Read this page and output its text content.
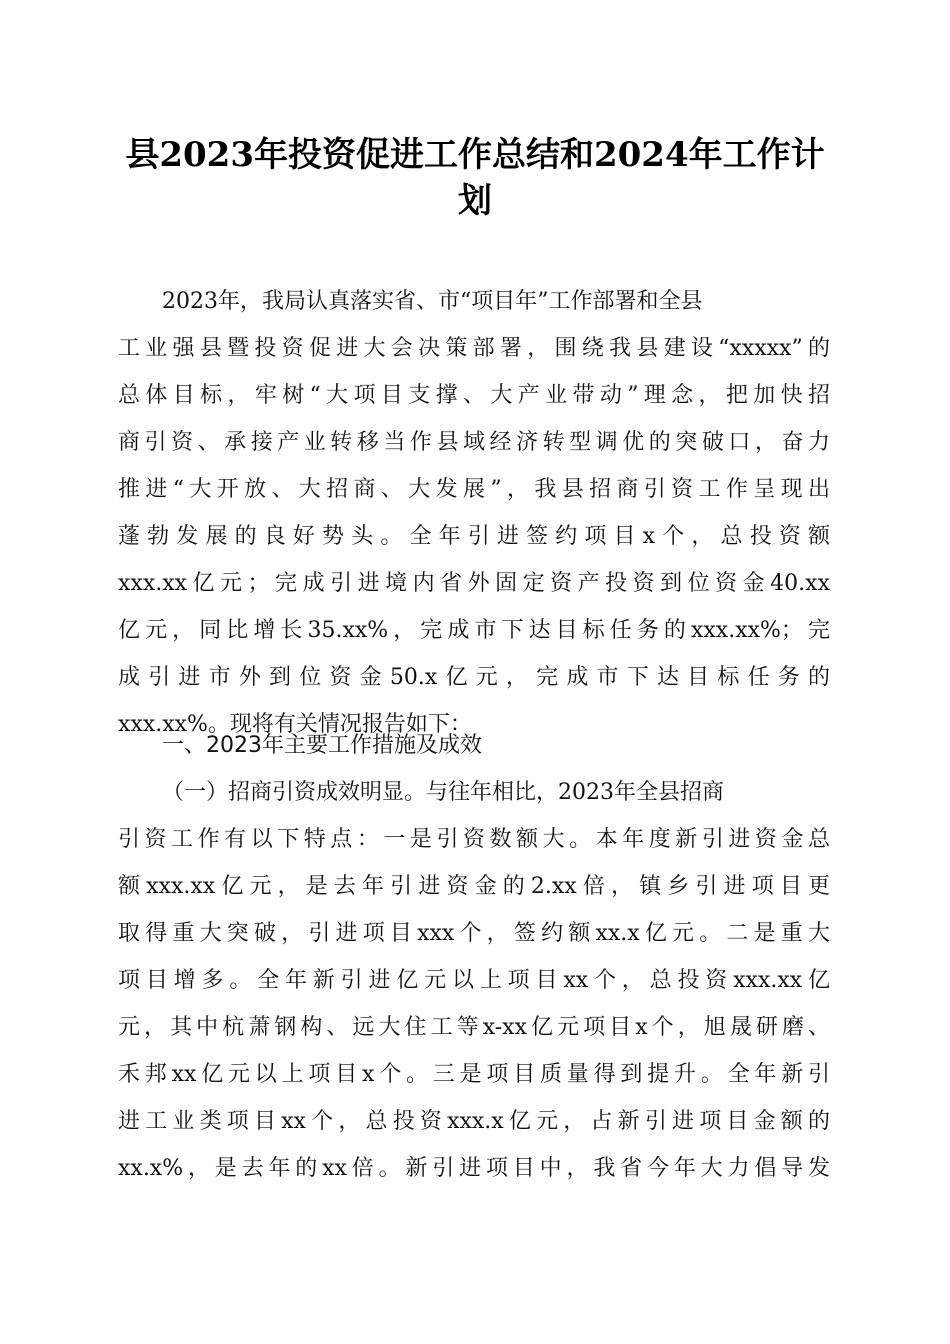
县2023年投资促进工作总结和2024年工作计
划
2023年，我局认真落实省、市“项目年”工作部署和全县
工业强县暨投资促进大会决策部署，围绕我县建设“xxxxx”的
总体目标，牢树“大项目支撑、大产业带动”理念，把加快招
商引资、承接产业转移当作县域经济转型调优的突破口，奋力
推进“大开放、大招商、大发展”，我县招商引资工作呈现出
蓬勃发展的良好势头。全年引进签约项目x个，总投资额
xxx.xx亿元；完成引进境内省外固定资产投资到位资金40.xx
亿元，同比增长35.xx%，完成市下达目标任务的xxx.xx%；完
成引进市外到位资金50.x亿元，完成市下达目标任务的
xxx.xx%。现将有关情况报告如下：
一、2023年主要工作措施及成效
（一）招商引资成效明显。与往年相比，2023年全县招商
引资工作有以下特点：一是引资数额大。本年度新引进资金总
额xxx.xx亿元，是去年引进资金的2.xx倍，镇乡引进项目更
取得重大突破，引进项目xxx个，签约额xx.x亿元。二是重大
项目增多。全年新引进亿元以上项目xx个，总投资xxx.xx亿
元，其中杭萧钢构、远大住工等x-xx亿元项目x个，旭晟研磨、
禾邦xx亿元以上项目x个。三是项目质量得到提升。全年新引
进工业类项目xx个，总投资xxx.x亿元，占新引进项目金额的
xx.x%，是去年的xx倍。新引进项目中，我省今年大力倡导发
